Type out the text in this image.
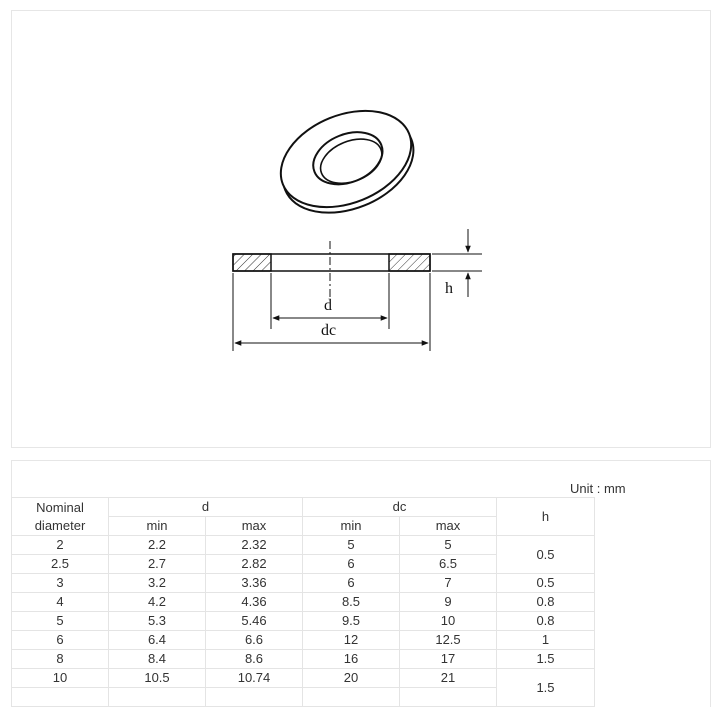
d
dc
h
Unit : mm
Nominal
diameter	d		dc		h
	min	max	min	max	
2	2.2	2.32	5	5	0.5
2.5	2.7	2.82	6	6.5	
3	3.2	3.36	6	7	0.5
4	4.2	4.36	8.5	9	0.8
5	5.3	5.46	9.5	10	0.8
6	6.4	6.6	12	12.5	1
8	8.4	8.6	16	17	1.5
10	10.5	10.74	20	21	1.5
